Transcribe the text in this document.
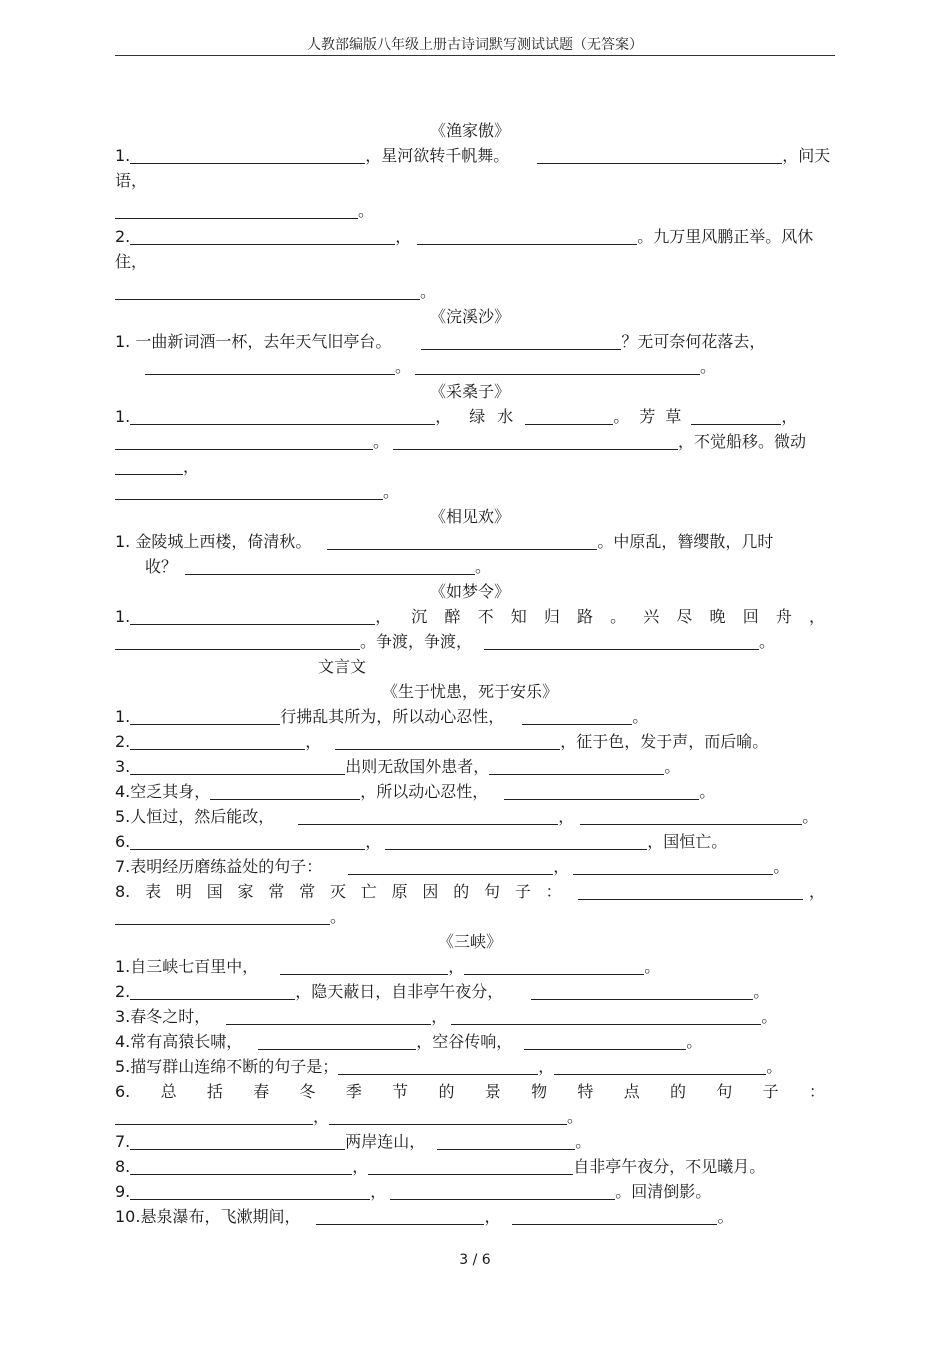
人教部编版八年级上册古诗词默写测试试题（无答案）
《渔家傲》
1.	，星河欲转千帆舞。	，问天
语，
。
2.	，	。九万里风鹏正举。风休
住，
。
《浣溪沙》
1. 一曲新词酒一杯，去年天气旧亭台。	？无可奈何花落去，
。	。
《采桑子》
1.	， 绿水	。芳草	，
。	，不觉船移。微动
，
。
《相见欢》
1. 金陵城上西楼，倚清秋。	。中原乱，簪缨散，几时
收？	。
《如梦令》
1.	， 沉 醉 不 知 归 路 。 兴 尽 晚 回 舟 ，
。争渡，争渡，	。
文言文
《生于忧患，死于安乐》
1.	行拂乱其所为，所以动心忍性，	。
2.	，	，征于色，发于声，而后喻。
3.	出则无敌国外患者，	。
4.空乏其身，	，所以动心忍性，	。
5.人恒过，然后能改，	，	。
6.	，	，国恒亡。
7.表明经历磨练益处的句子：	，	。
8. 表 明 国 家 常 常 灭 亡 原 因 的 句 子 ：	，
。
《三峡》
1.自三峡七百里中，	，	。
2.	，隐天蔽日，自非亭午夜分，	。
3.春冬之时，	，	。
4.常有高猿长啸，	，空谷传响，	。
5.描写群山连绵不断的句子是；	，	。
6. 总 括 春 冬 季 节 的 景 物 特 点 的 句 子 ：
，	。
7.	两岸连山，	。
8.	，	自非亭午夜分，不见曦月。
9.	，	。回清倒影。
10.悬泉瀑布，飞漱期间，	，	。
3 / 6
